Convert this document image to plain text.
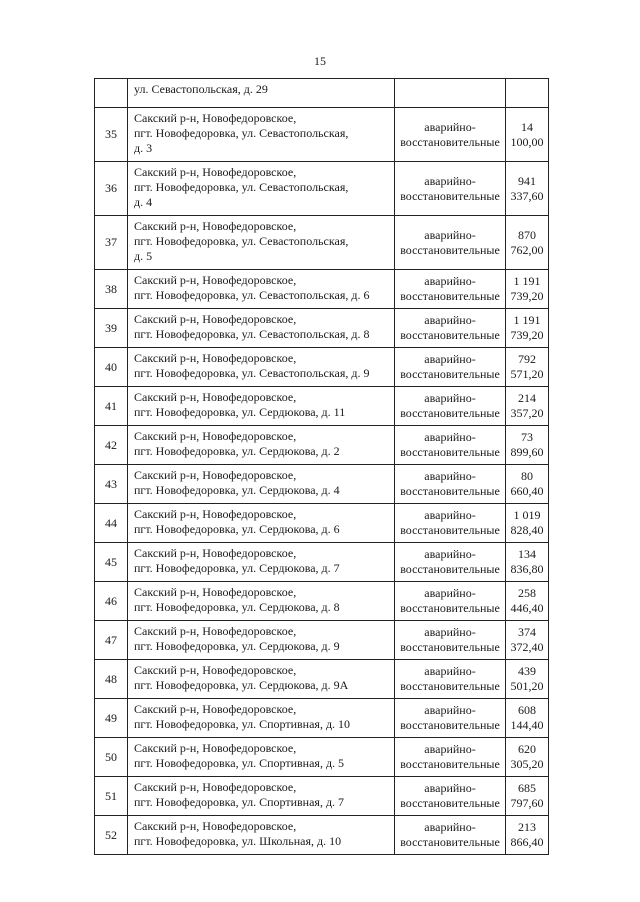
15

	ул. Севастопольская, д. 29		

35	Сакский р-н, Новофедоровское,
пгт. Новофедоровка, ул. Севастопольская,
д. 3	аварийно-
восстановительные	14 100,00
36	Сакский р-н, Новофедоровское,
пгт. Новофедоровка, ул. Севастопольская,
д. 4	аварийно-
восстановительные	941 337,60
37	Сакский р-н, Новофедоровское,
пгт. Новофедоровка, ул. Севастопольская,
д. 5	аварийно-
восстановительные	870 762,00
38	Сакский р-н, Новофедоровское,
пгт. Новофедоровка, ул. Севастопольская, д. 6	аварийно-
восстановительные	1 191 739,20
39	Сакский р-н, Новофедоровское,
пгт. Новофедоровка, ул. Севастопольская, д. 8	аварийно-
восстановительные	1 191 739,20
40	Сакский р-н, Новофедоровское,
пгт. Новофедоровка, ул. Севастопольская, д. 9	аварийно-
восстановительные	792 571,20
41	Сакский р-н, Новофедоровское,
пгт. Новофедоровка, ул. Сердюкова, д. 11	аварийно-
восстановительные	214 357,20
42	Сакский р-н, Новофедоровское,
пгт. Новофедоровка, ул. Сердюкова, д. 2	аварийно-
восстановительные	73 899,60
43	Сакский р-н, Новофедоровское,
пгт. Новофедоровка, ул. Сердюкова, д. 4	аварийно-
восстановительные	80 660,40
44	Сакский р-н, Новофедоровское,
пгт. Новофедоровка, ул. Сердюкова, д. 6	аварийно-
восстановительные	1 019 828,40
45	Сакский р-н, Новофедоровское,
пгт. Новофедоровка, ул. Сердюкова, д. 7	аварийно-
восстановительные	134 836,80
46	Сакский р-н, Новофедоровское,
пгт. Новофедоровка, ул. Сердюкова, д. 8	аварийно-
восстановительные	258 446,40
47	Сакский р-н, Новофедоровское,
пгт. Новофедоровка, ул. Сердюкова, д. 9	аварийно-
восстановительные	374 372,40
48	Сакский р-н, Новофедоровское,
пгт. Новофедоровка, ул. Сердюкова, д. 9А	аварийно-
восстановительные	439 501,20
49	Сакский р-н, Новофедоровское,
пгт. Новофедоровка, ул. Спортивная, д. 10	аварийно-
восстановительные	608 144,40
50	Сакский р-н, Новофедоровское,
пгт. Новофедоровка, ул. Спортивная, д. 5	аварийно-
восстановительные	620 305,20
51	Сакский р-н, Новофедоровское,
пгт. Новофедоровка, ул. Спортивная, д. 7	аварийно-
восстановительные	685 797,60
52	Сакский р-н, Новофедоровское,
пгт. Новофедоровка, ул. Школьная, д. 10	аварийно-
восстановительные	213 866,40
